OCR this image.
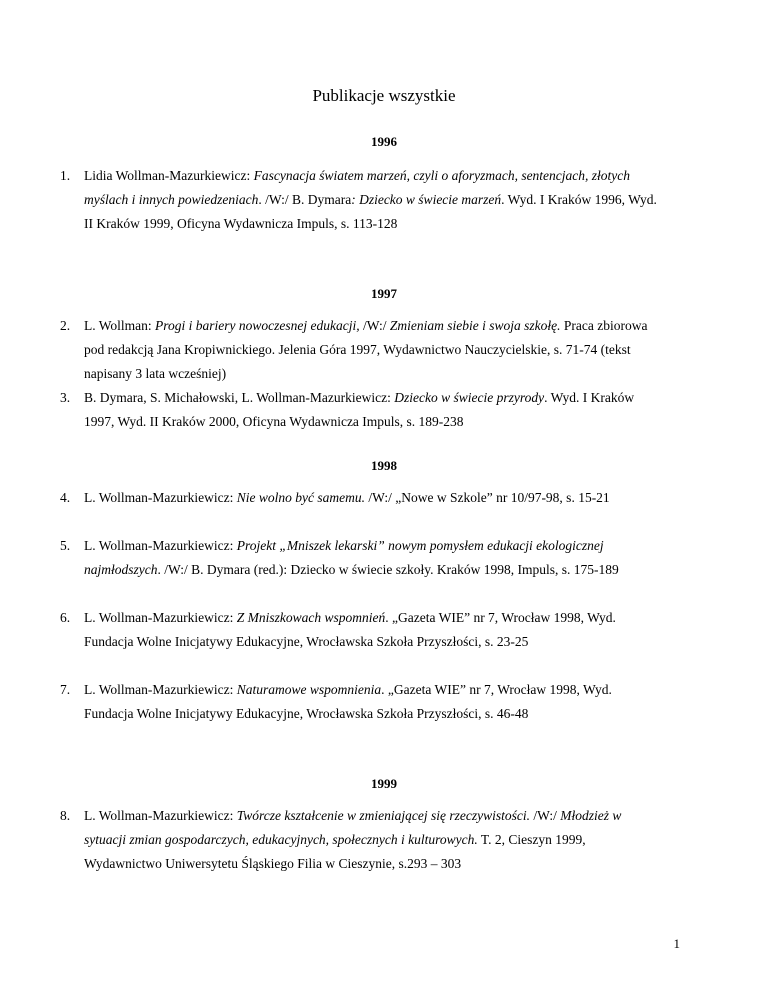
Publikacje wszystkie
1996
1.	Lidia Wollman-Mazurkiewicz: Fascynacja światem marzeń, czyli o aforyzmach, sentencjach, złotych myślach i innych powiedzeniach. /W:/ B. Dymara: Dziecko w świecie marzeń. Wyd. I Kraków 1996, Wyd. II Kraków 1999, Oficyna Wydawnicza Impuls, s. 113-128
1997
2.	L. Wollman: Progi i bariery nowoczesnej edukacji, /W:/ Zmieniam siebie i swoja szkołę. Praca zbiorowa pod redakcją Jana Kropiwnickiego. Jelenia Góra 1997, Wydawnictwo Nauczycielskie, s. 71-74 (tekst napisany 3 lata wcześniej)
3.	B. Dymara, S. Michałowski, L. Wollman-Mazurkiewicz: Dziecko w świecie przyrody. Wyd. I Kraków 1997, Wyd. II Kraków 2000, Oficyna Wydawnicza Impuls, s. 189-238
1998
4.	L. Wollman-Mazurkiewicz: Nie wolno być samemu. /W:/ „Nowe w Szkole” nr 10/97-98, s. 15-21
5.	L. Wollman-Mazurkiewicz: Projekt „Mniszek lekarski” nowym pomysłem edukacji ekologicznej najmłodszych. /W:/ B. Dymara (red.): Dziecko w świecie szkoły. Kraków 1998, Impuls, s. 175-189
6.	L. Wollman-Mazurkiewicz: Z Mniszkowach wspomnień. „Gazeta WIE” nr 7, Wrocław 1998, Wyd. Fundacja Wolne Inicjatywy Edukacyjne, Wrocławska Szkoła Przyszłości, s. 23-25
7.	L. Wollman-Mazurkiewicz: Naturamowe wspomnienia. „Gazeta WIE” nr 7, Wrocław 1998, Wyd. Fundacja Wolne Inicjatywy Edukacyjne, Wrocławska Szkoła Przyszłości, s. 46-48
1999
8.	L. Wollman-Mazurkiewicz: Twórcze kształcenie w zmieniającej się rzeczywistości. /W:/ Młodzież w sytuacji zmian gospodarczych, edukacyjnych, społecznych i kulturowych. T. 2, Cieszyn 1999, Wydawnictwo Uniwersytetu Śląskiego Filia w Cieszynie, s.293 – 303
1
